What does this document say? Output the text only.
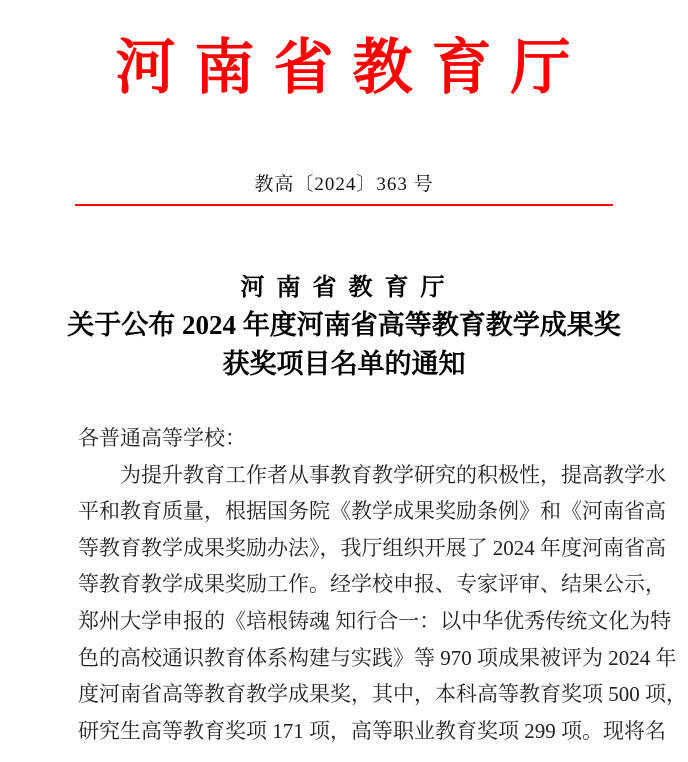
河 南 省 教 育 厅
教高〔2024〕363 号
河 南 省 教 育 厅
关于公布 2024 年度河南省高等教育教学成果奖
获奖项目名单的通知
各普通高等学校：
为提升教育工作者从事教育教学研究的积极性，提高教学水
平和教育质量，根据国务院《教学成果奖励条例》和《河南省高
等教育教学成果奖励办法》，我厅组织开展了 2024 年度河南省高
等教育教学成果奖励工作。经学校申报、专家评审、结果公示，
郑州大学申报的《培根铸魂 知行合一：以中华优秀传统文化为特
色的高校通识教育体系构建与实践》等 970 项成果被评为 2024 年
度河南省高等教育教学成果奖，其中，本科高等教育奖项 500 项，
研究生高等教育奖项 171 项，高等职业教育奖项 299 项。现将名
